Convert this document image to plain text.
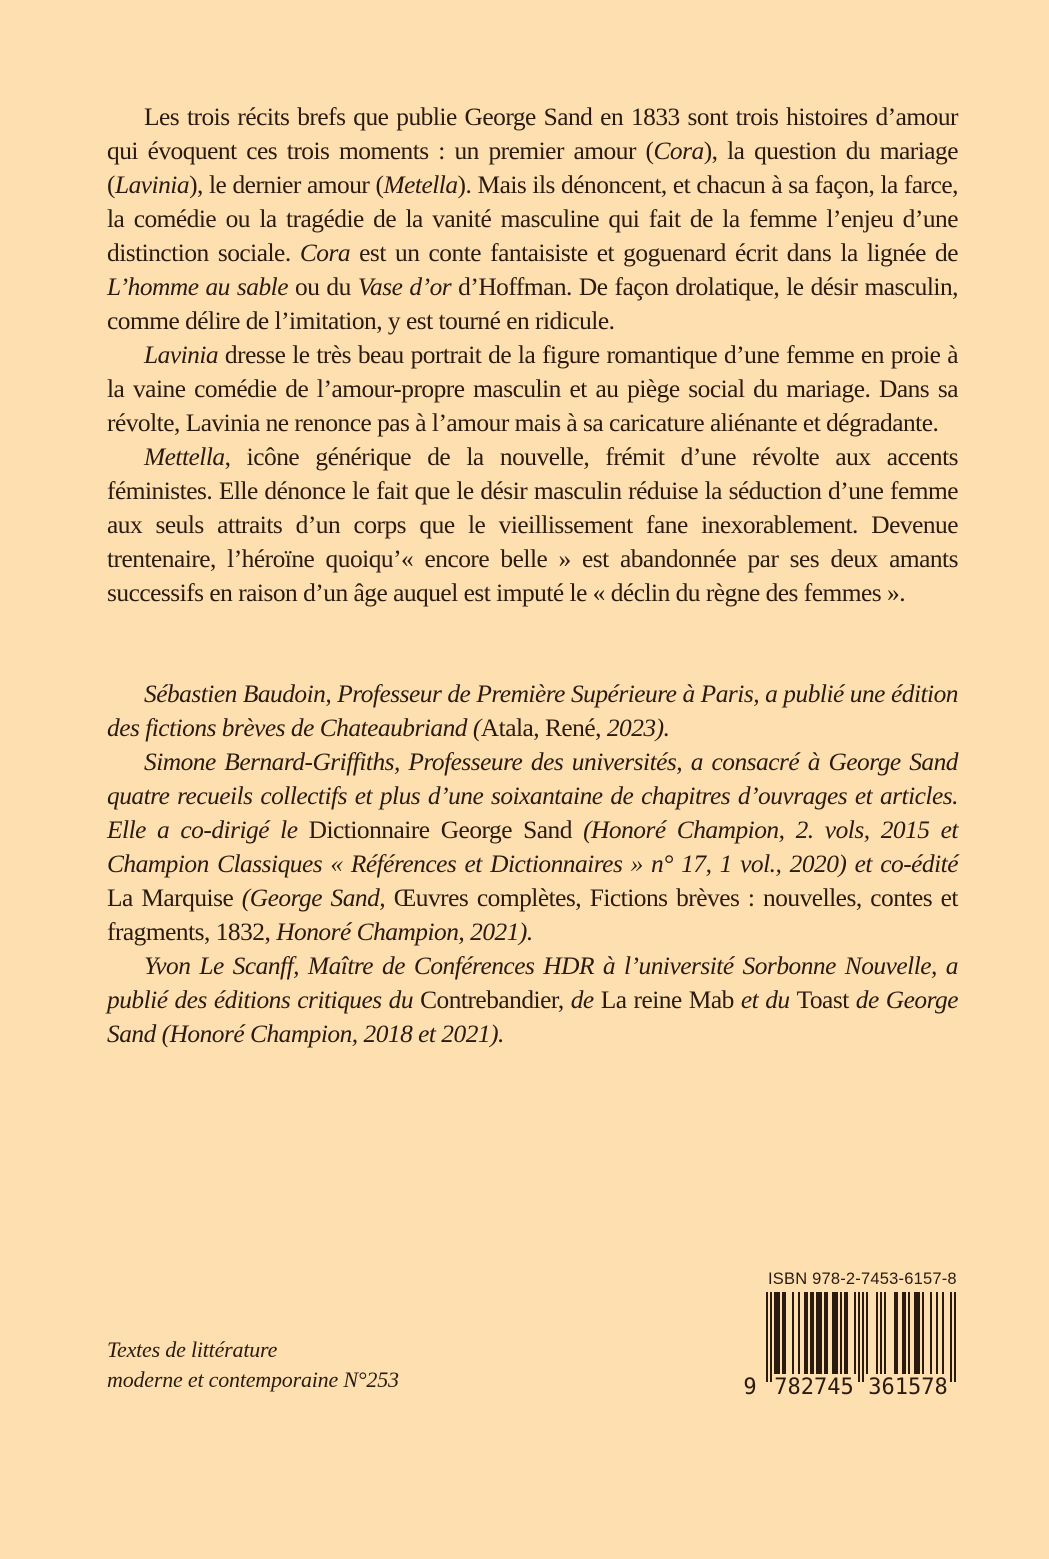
Les trois récits brefs que publie George Sand en 1833 sont trois histoires d’amour qui évoquent ces trois moments : un premier amour (Cora), la question du mariage (Lavinia), le dernier amour (Metella). Mais ils dénoncent, et chacun à sa façon, la farce, la comédie ou la tragédie de la vanité masculine qui fait de la femme l’enjeu d’une distinction sociale. Cora est un conte fantaisiste et goguenard écrit dans la lignée de L’homme au sable ou du Vase d’or d’Hoffman. De façon drolatique, le désir masculin, comme délire de l’imitation, y est tourné en ridicule.

Lavinia dresse le très beau portrait de la figure romantique d’une femme en proie à la vaine comédie de l’amour-propre masculin et au piège social du mariage. Dans sa révolte, Lavinia ne renonce pas à l’amour mais à sa caricature aliénante et dégradante.

Mettella, icône générique de la nouvelle, frémit d’une révolte aux accents féministes. Elle dénonce le fait que le désir masculin réduise la séduction d’une femme aux seuls attraits d’un corps que le vieillissement fane inexorablement. Devenue trentenaire, l’héroïne quoiqu’« encore belle » est abandonnée par ses deux amants successifs en raison d’un âge auquel est imputé le « déclin du règne des femmes ».

Sébastien Baudoin, Professeur de Première Supérieure à Paris, a publié une édition des fictions brèves de Chateaubriand (Atala, René, 2023).

Simone Bernard-Griffiths, Professeure des universités, a consacré à George Sand quatre recueils collectifs et plus d’une soixantaine de chapitres d’ouvrages et articles. Elle a co-dirigé le Dictionnaire George Sand (Honoré Champion, 2. vols, 2015 et Champion Classiques « Références et Dictionnaires » n° 17, 1 vol., 2020) et co-édité La Marquise (George Sand, Œuvres complètes, Fictions brèves : nouvelles, contes et fragments, 1832, Honoré Champion, 2021).

Yvon Le Scanff, Maître de Conférences HDR à l’université Sorbonne Nouvelle, a publié des éditions critiques du Contrebandier, de La reine Mab et du Toast de George Sand (Honoré Champion, 2018 et 2021).

Textes de littérature
moderne et contemporaine N°253
ISBN 978-2-7453-6157-8
9 782745 361578
